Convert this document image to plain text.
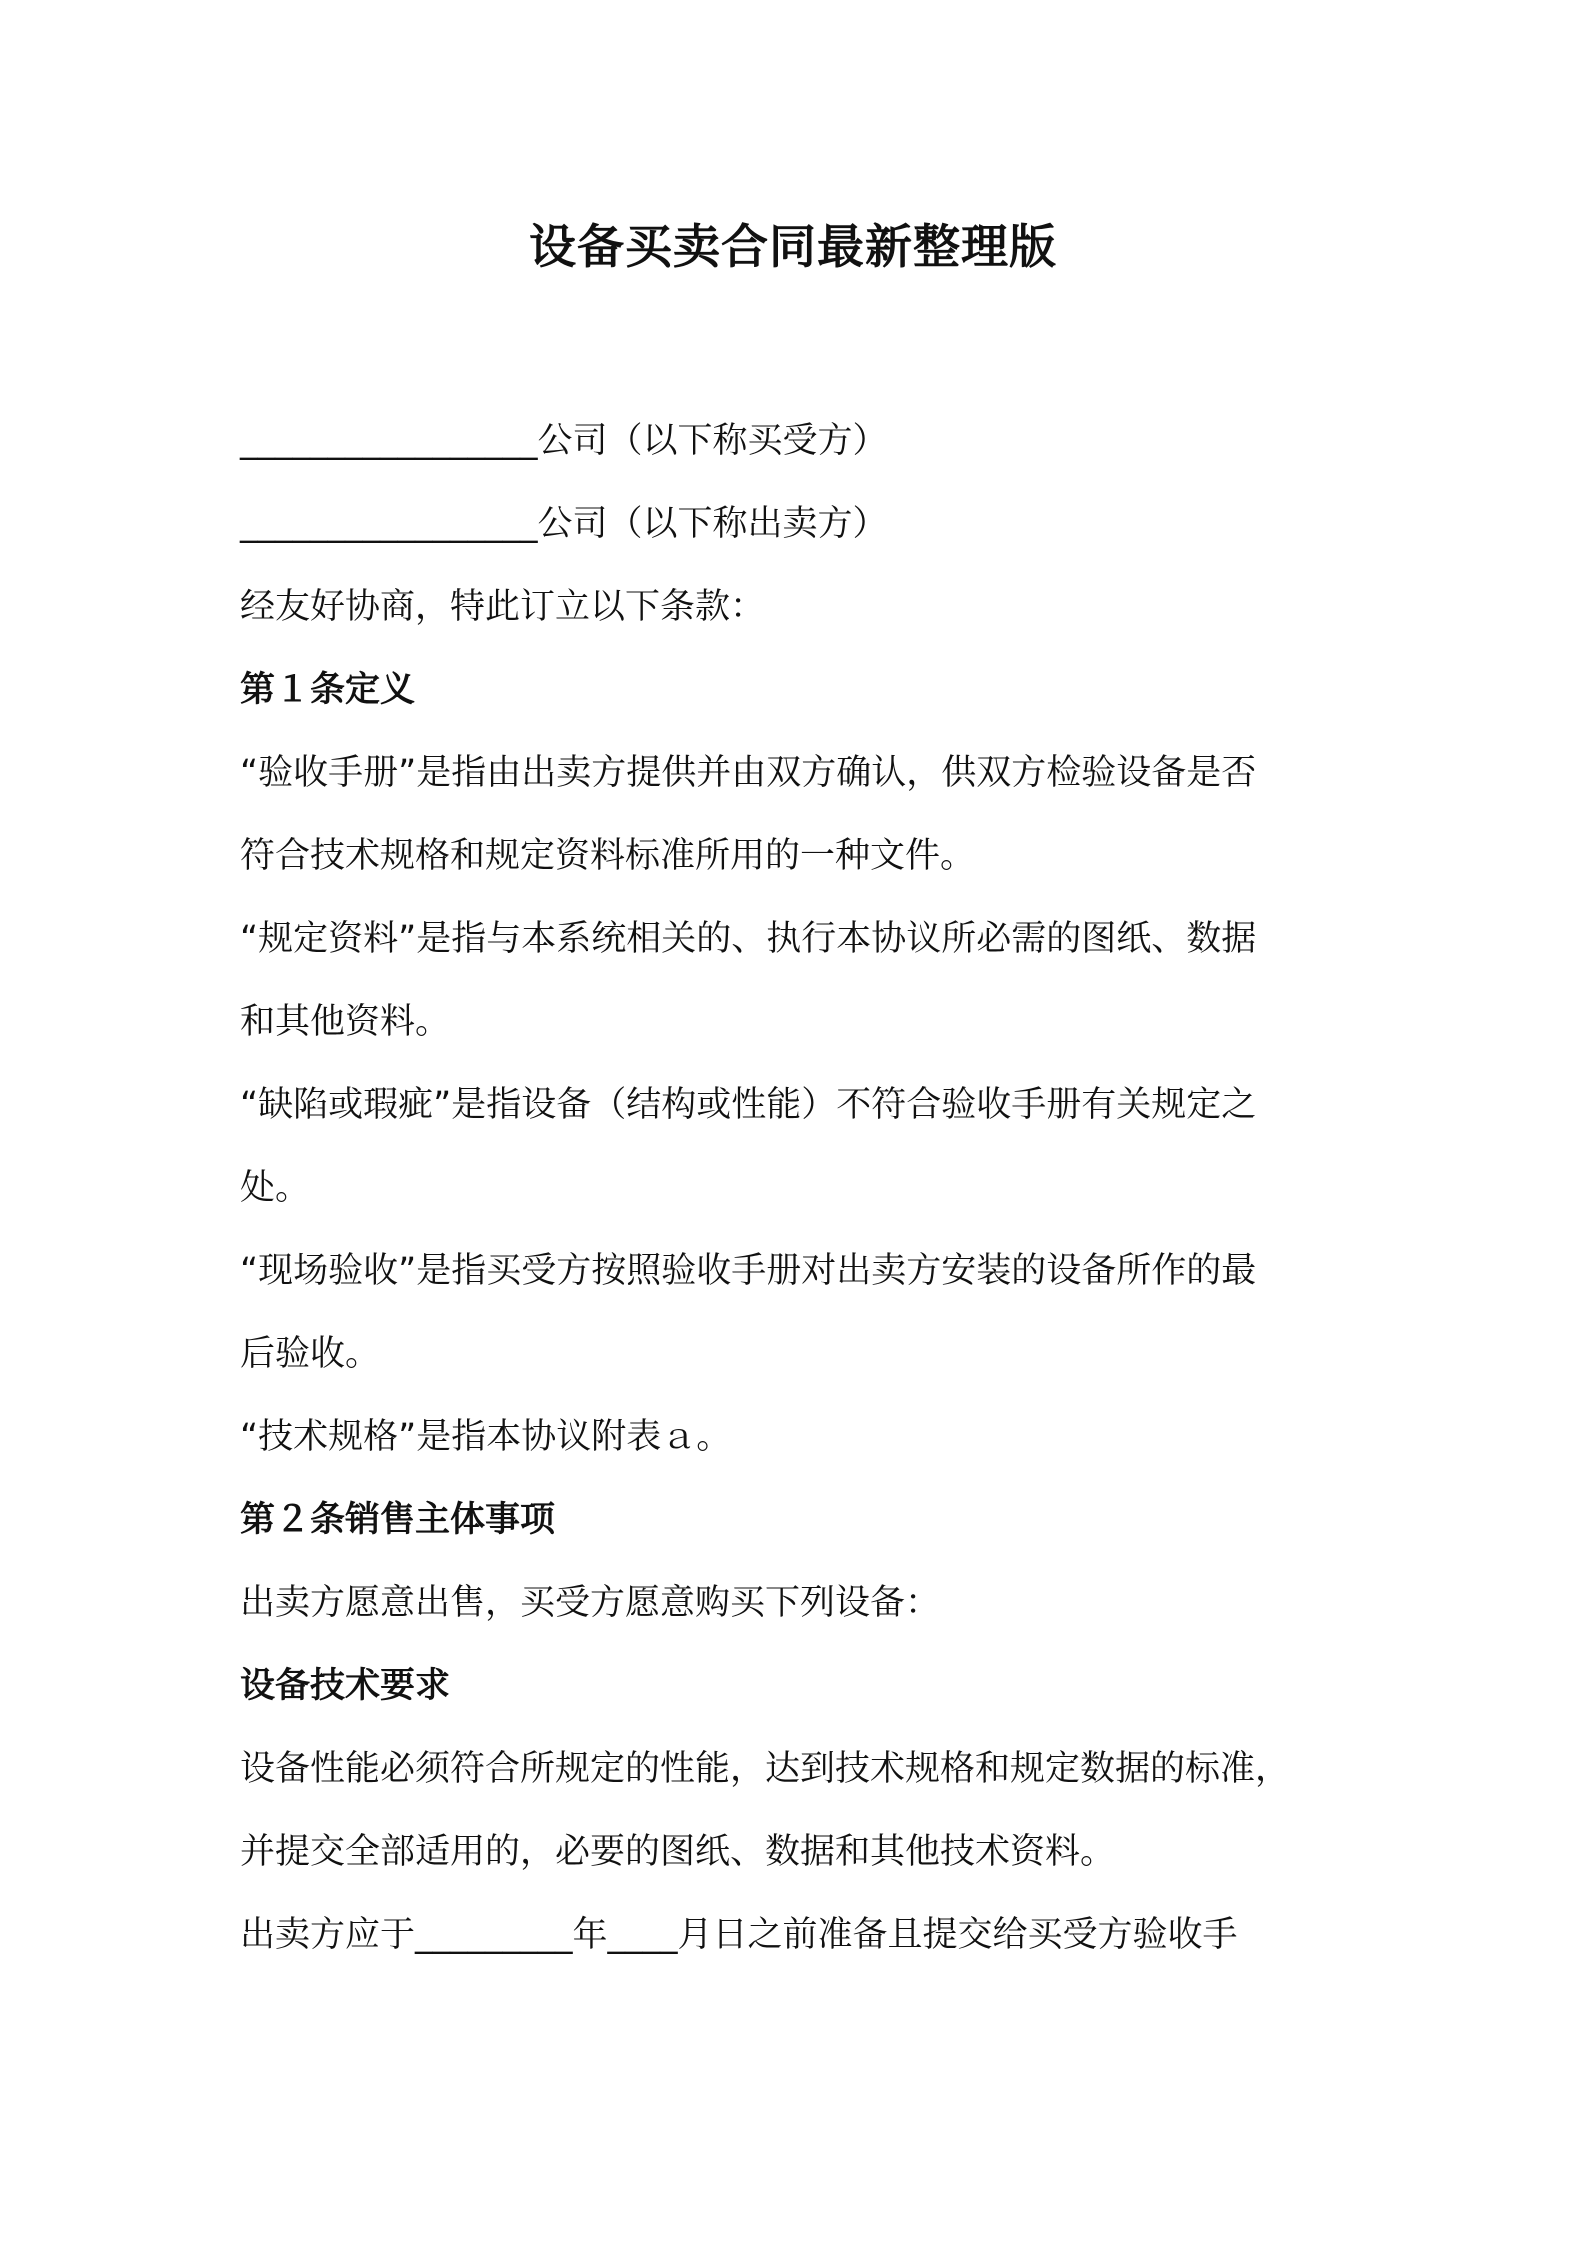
设备买卖合同最新整理版

_________________公司（以下称买受方）

_________________公司（以下称出卖方）

经友好协商，特此订立以下条款：

第１条定义

“验收手册”是指由出卖方提供并由双方确认，供双方检验设备是否

符合技术规格和规定资料标准所用的一种文件。

“规定资料”是指与本系统相关的、执行本协议所必需的图纸、数据

和其他资料。

“缺陷或瑕疵”是指设备（结构或性能）不符合验收手册有关规定之

处。

“现场验收”是指买受方按照验收手册对出卖方安装的设备所作的最

后验收。

“技术规格”是指本协议附表ａ。

第２条销售主体事项

出卖方愿意出售，买受方愿意购买下列设备：

设备技术要求

设备性能必须符合所规定的性能，达到技术规格和规定数据的标准，

并提交全部适用的，必要的图纸、数据和其他技术资料。

出卖方应于_________年____月日之前准备且提交给买受方验收手
